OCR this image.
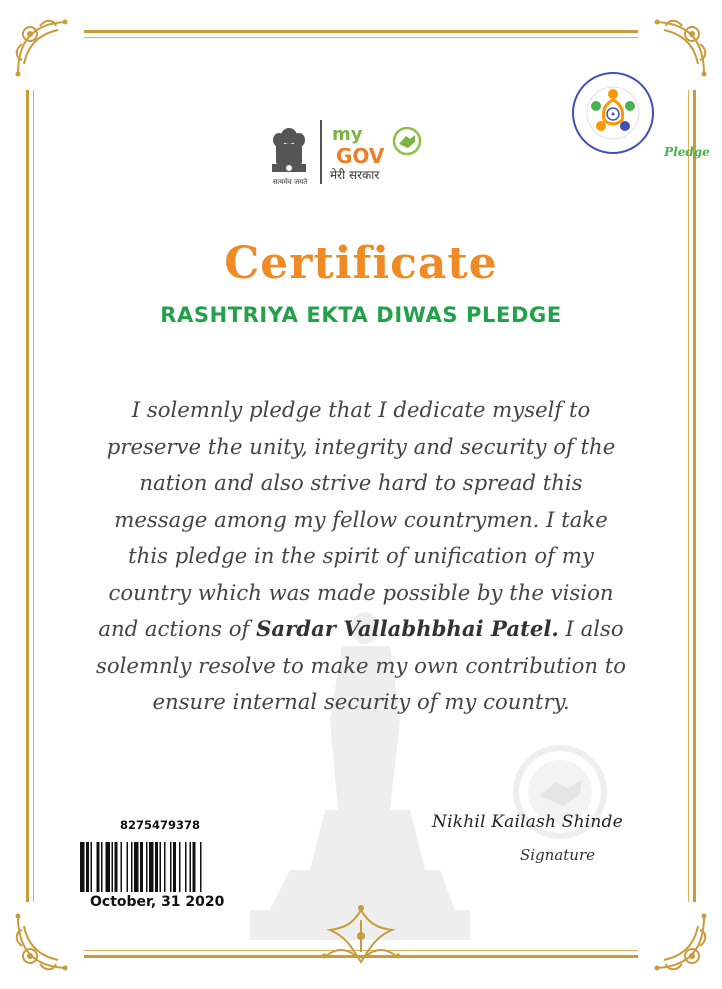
सत्यमेव जयते
my
GOV
मेरी सरकार
Pledge
Certificate
RASHTRIYA EKTA DIWAS PLEDGE
I solemnly pledge that I dedicate myself to preserve the unity, integrity and security of the nation and also strive hard to spread this message among my fellow countrymen. I take this pledge in the spirit of unification of my country which was made possible by the vision and actions of Sardar Vallabhbhai Patel. I also solemnly resolve to make my own contribution to ensure internal security of my country.
Nikhil Kailash Shinde
Signature
8275479378
October, 31 2020
